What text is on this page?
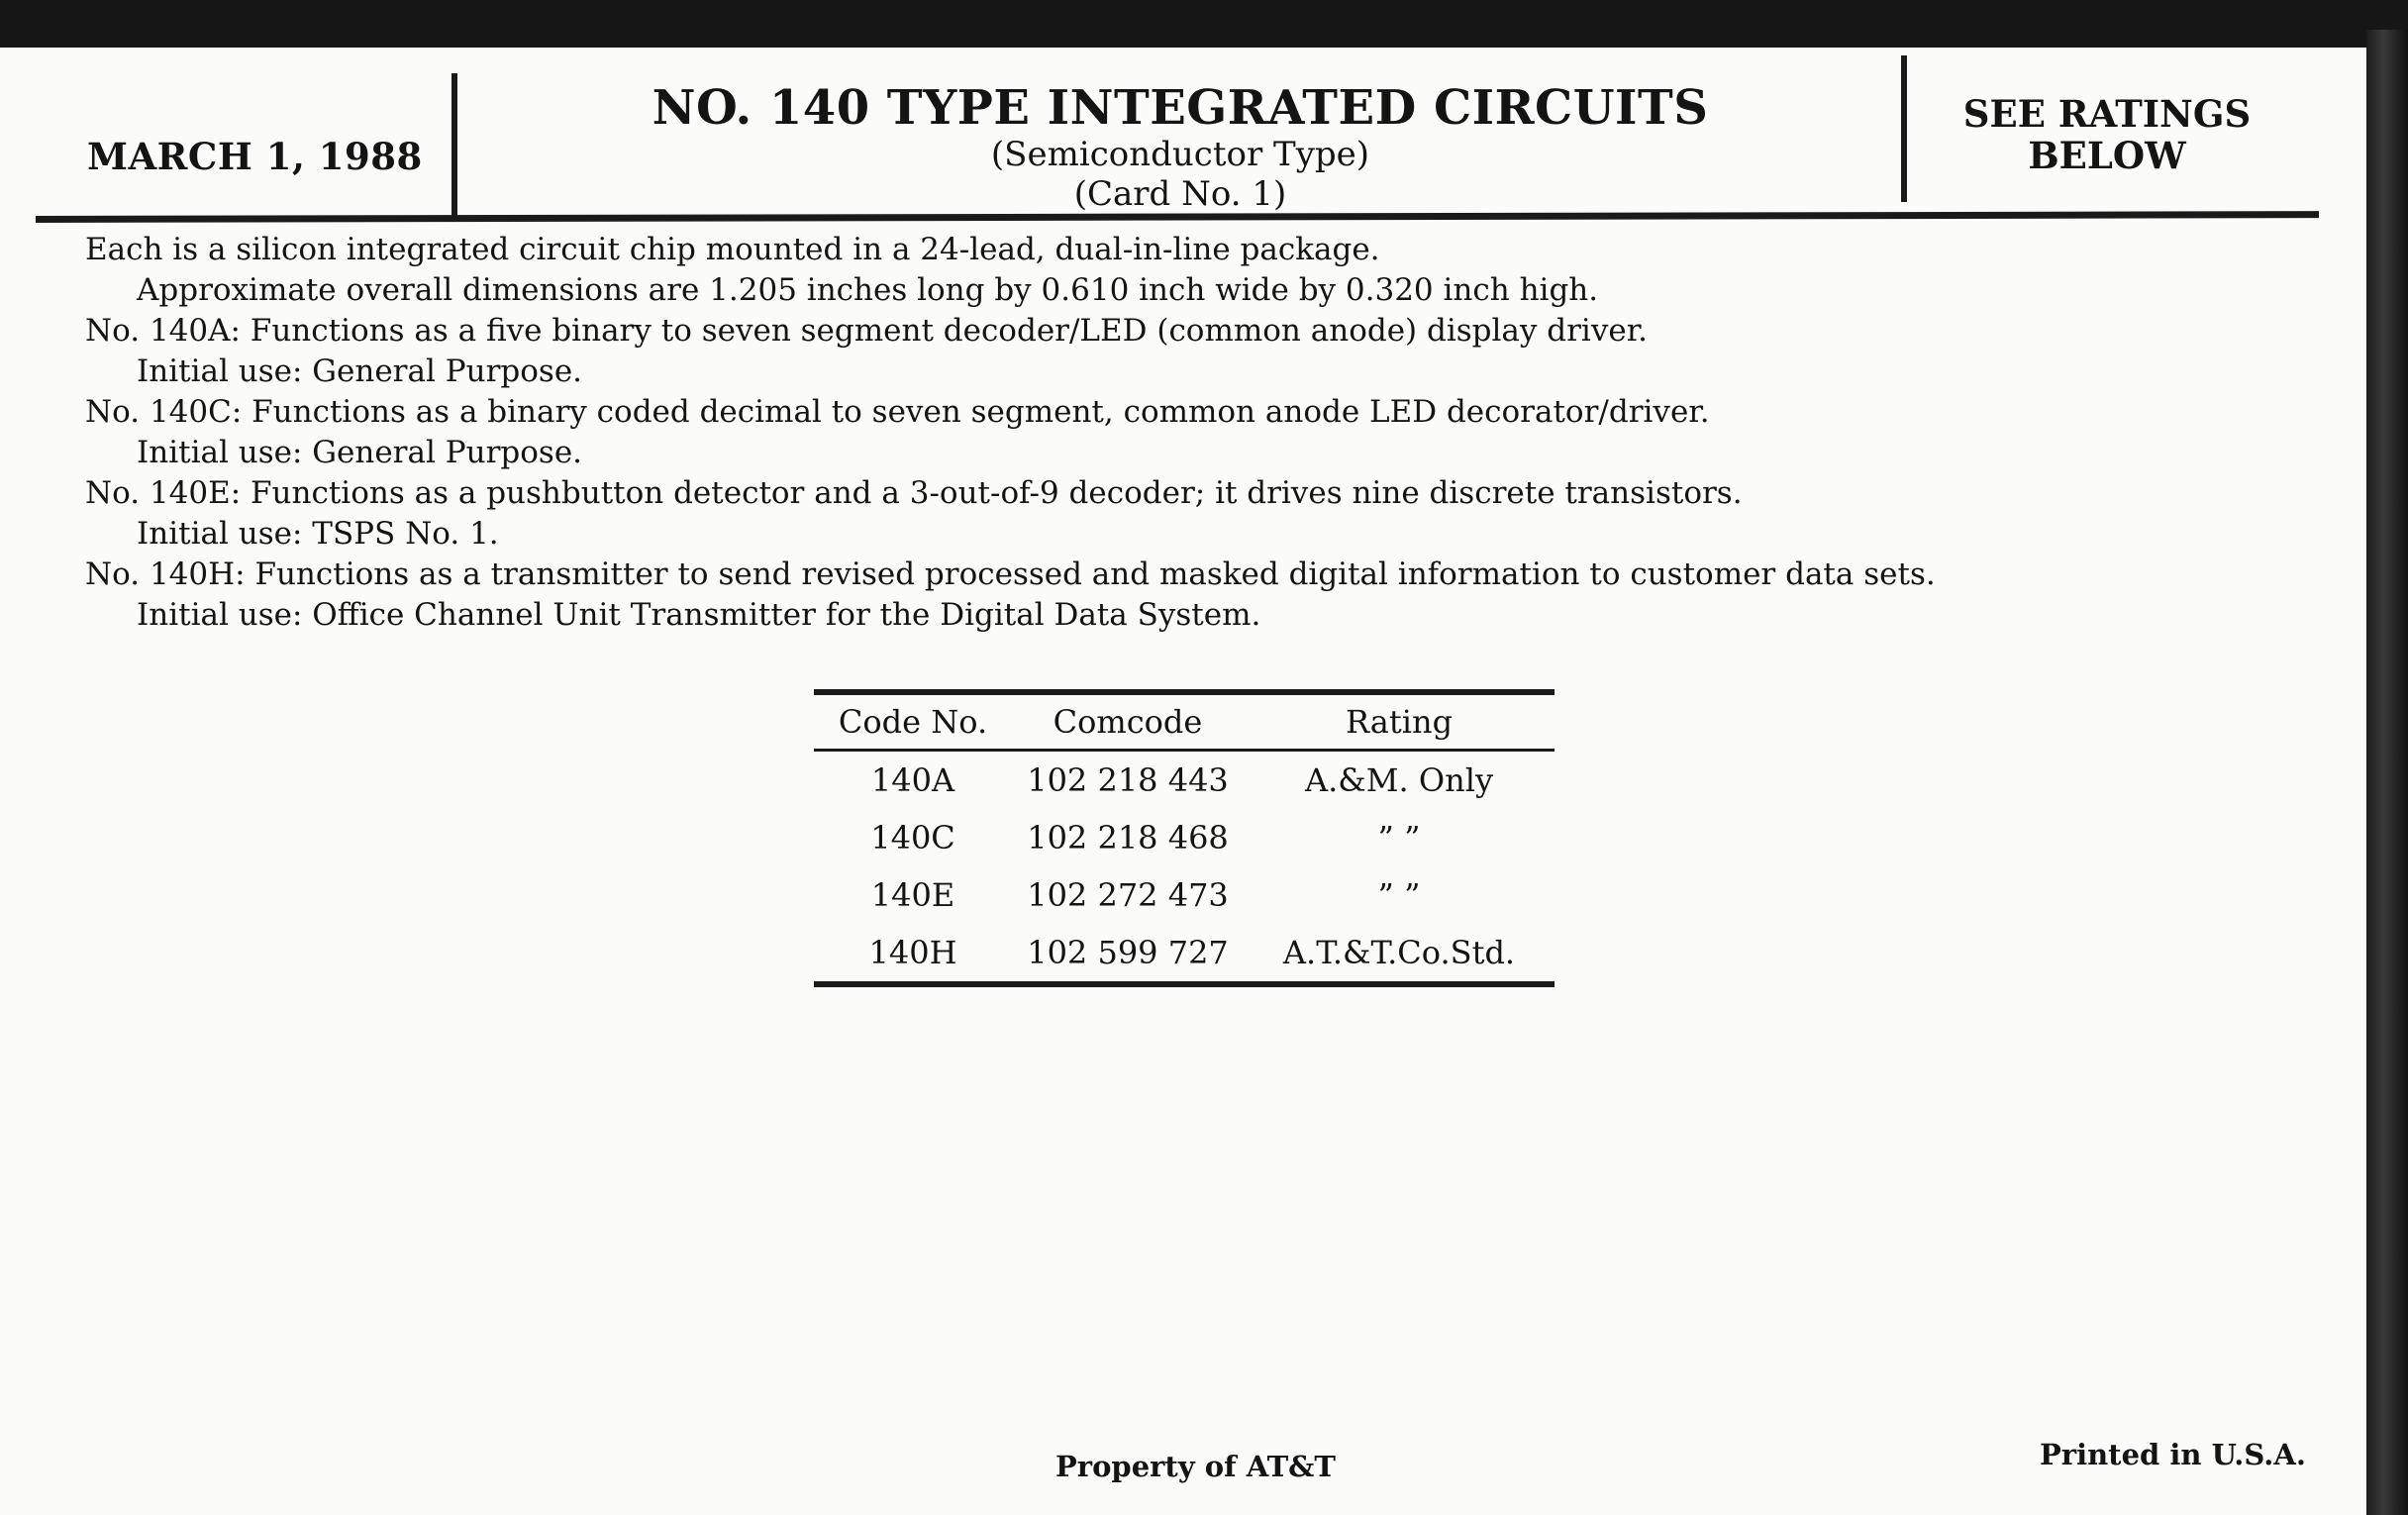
MARCH 1, 1988
NO. 140 TYPE INTEGRATED CIRCUITS
(Semiconductor Type)
(Card No. 1)
SEE RATINGS
BELOW

Each is a silicon integrated circuit chip mounted in a 24-lead, dual-in-line package.

Approximate overall dimensions are 1.205 inches long by 0.610 inch wide by 0.320 inch high.

No. 140A: Functions as a five binary to seven segment decoder/LED (common anode) display driver.

Initial use: General Purpose.

No. 140C: Functions as a binary coded decimal to seven segment, common anode LED decorator/driver.

Initial use: General Purpose.

No. 140E: Functions as a pushbutton detector and a 3-out-of-9 decoder; it drives nine discrete transistors.

Initial use: TSPS No. 1.

No. 140H: Functions as a transmitter to send revised processed and masked digital information to customer data sets.

Initial use: Office Channel Unit Transmitter for the Digital Data System.

Code No.	Comcode	Rating
140A	102 218 443	A.&M. Only
140C	102 218 468	” ”
140E	102 272 473	” ”
140H	102 599 727	A.T.&T.Co.Std.
Property of AT&T	Printed in U.S.A.
